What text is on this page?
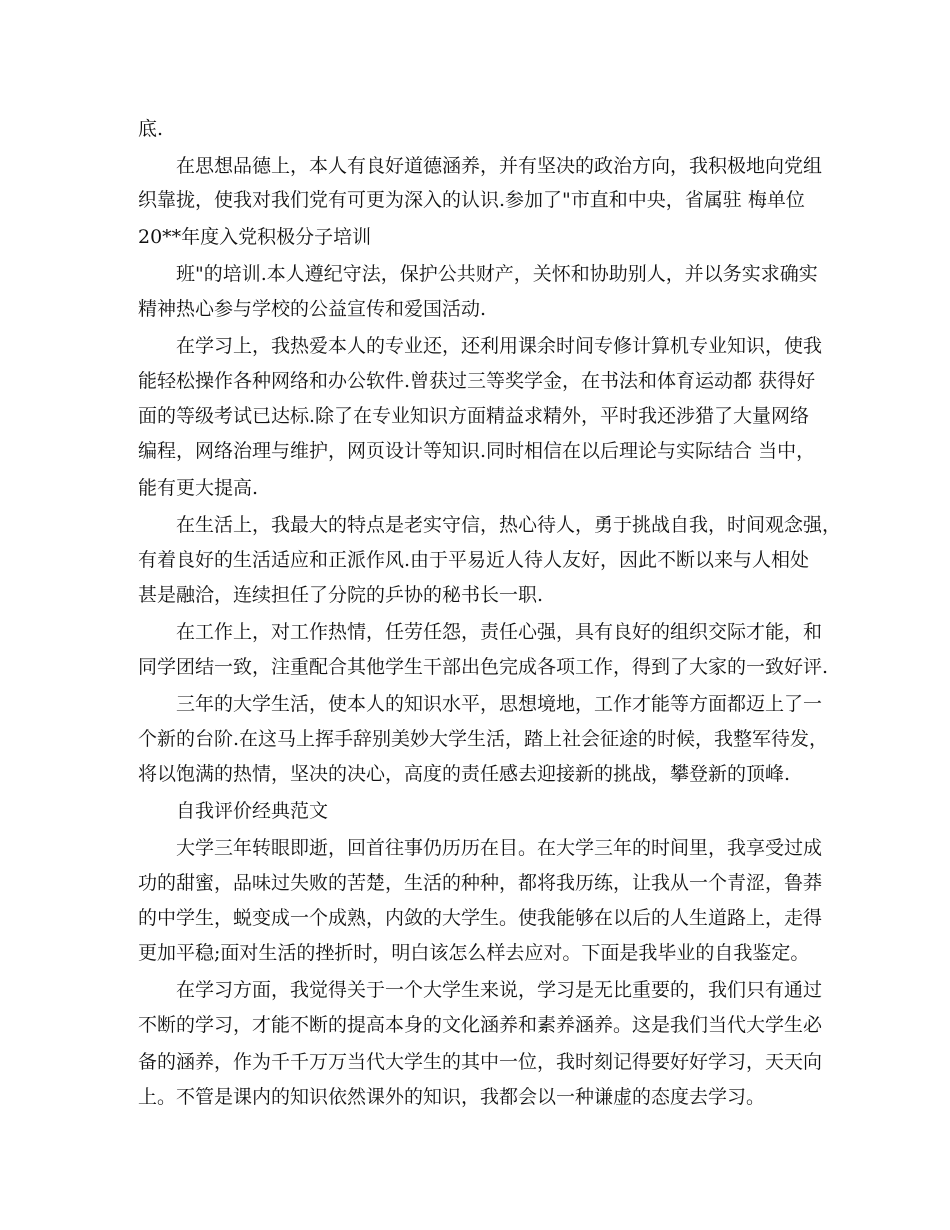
底.
在思想品德上，本人有良好道德涵养，并有坚决的政治方向，我积极地向党组
织靠拢，使我对我们党有可更为深入的认识.参加了"市直和中央，省属驻 梅单位
20**年度入党积极分子培训
班"的培训.本人遵纪守法，保护公共财产，关怀和协助别人，并以务实求确实
精神热心参与学校的公益宣传和爱国活动.
在学习上，我热爱本人的专业还，还利用课余时间专修计算机专业知识，使我
能轻松操作各种网络和办公软件.曾获过三等奖学金，在书法和体育运动都 获得好
面的等级考试已达标.除了在专业知识方面精益求精外，平时我还涉猎了大量网络
编程，网络治理与维护，网页设计等知识.同时相信在以后理论与实际结合 当中，
能有更大提高.
在生活上，我最大的特点是老实守信，热心待人，勇于挑战自我，时间观念强，
有着良好的生活适应和正派作风.由于平易近人待人友好，因此不断以来与人相处
甚是融洽，连续担任了分院的乒协的秘书长一职.
在工作上，对工作热情，任劳任怨，责任心强，具有良好的组织交际才能，和
同学团结一致，注重配合其他学生干部出色完成各项工作，得到了大家的一致好评.
三年的大学生活，使本人的知识水平，思想境地，工作才能等方面都迈上了一
个新的台阶.在这马上挥手辞别美妙大学生活，踏上社会征途的时候，我整军待发，
将以饱满的热情，坚决的决心，高度的责任感去迎接新的挑战，攀登新的顶峰.
自我评价经典范文
大学三年转眼即逝，回首往事仍历历在目。在大学三年的时间里，我享受过成
功的甜蜜，品味过失败的苦楚，生活的种种，都将我历练，让我从一个青涩，鲁莽
的中学生，蜕变成一个成熟，内敛的大学生。使我能够在以后的人生道路上，走得
更加平稳;面对生活的挫折时，明白该怎么样去应对。下面是我毕业的自我鉴定。
在学习方面，我觉得关于一个大学生来说，学习是无比重要的，我们只有通过
不断的学习，才能不断的提高本身的文化涵养和素养涵养。这是我们当代大学生必
备的涵养，作为千千万万当代大学生的其中一位，我时刻记得要好好学习，天天向
上。不管是课内的知识依然课外的知识，我都会以一种谦虚的态度去学习。
